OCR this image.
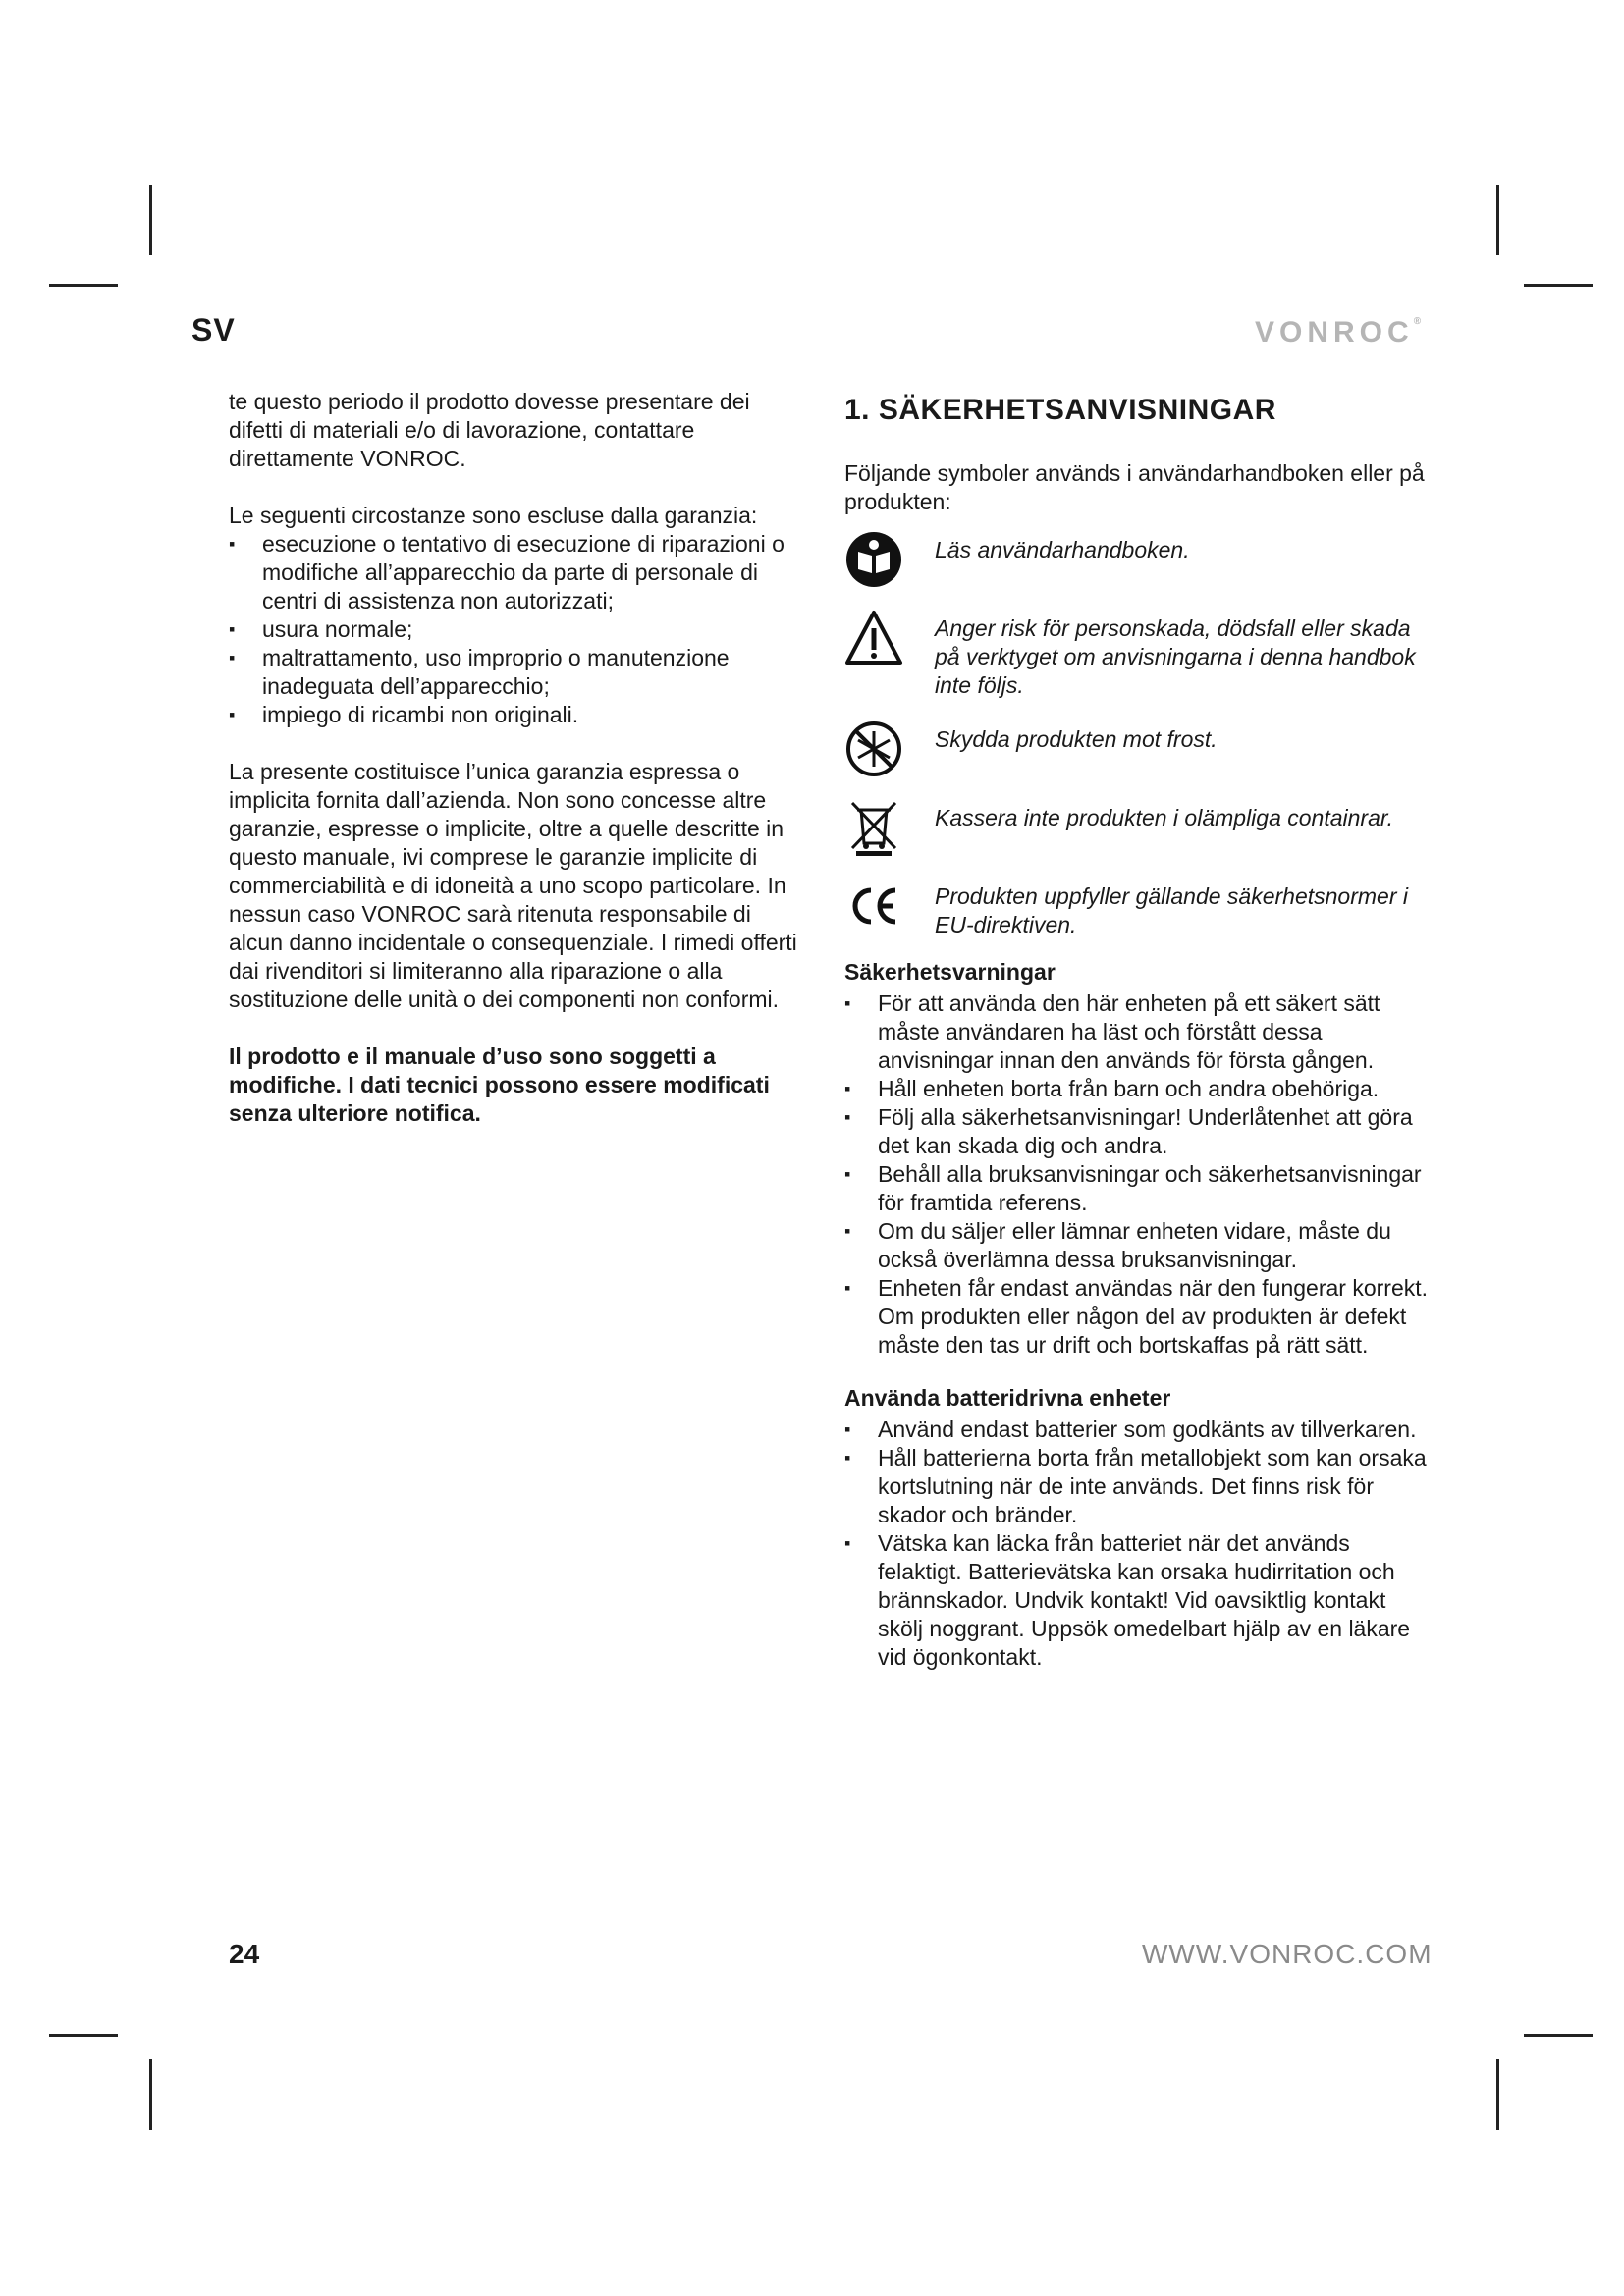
SV	VONROC®

te questo periodo il prodotto dovesse presentare dei difetti di materiali e/o di lavorazione, contattare direttamente VONROC.

Le seguenti circostanze sono escluse dalla garanzia:

▪ esecuzione o tentativo di esecuzione di riparazioni o modifiche all’apparecchio da parte di personale di centri di assistenza non autorizzati;
▪ usura normale;
▪ maltrattamento, uso improprio o manutenzione inadeguata dell’apparecchio;
▪ impiego di ricambi non originali.

La presente costituisce l’unica garanzia espressa o implicita fornita dall’azienda. Non sono concesse altre garanzie, espresse o implicite, oltre a quelle descritte in questo manuale, ivi comprese le garanzie implicite di commerciabilità e di idoneità a uno scopo particolare. In nessun caso VONROC sarà ritenuta responsabile di alcun danno incidentale o consequenziale. I rimedi offerti dai rivenditori si limiteranno alla riparazione o alla sostituzione delle unità o dei componenti non conformi.

Il prodotto e il manuale d’uso sono soggetti a modifiche. I dati tecnici possono essere modificati senza ulteriore notifica.

1. SÄKERHETSANVISNINGAR

Följande symboler används i användarhandboken eller på produkten:

Läs användarhandboken.
Anger risk för personskada, dödsfall eller skada på verktyget om anvisningarna i denna handbok inte följs.
Skydda produkten mot frost.
Kassera inte produkten i olämpliga containrar.
Produkten uppfyller gällande säkerhetsnormer i EU-direktiven.
Säkerhetsvarningar
▪ För att använda den här enheten på ett säkert sätt måste användaren ha läst och förstått dessa anvisningar innan den används för första gången.
▪ Håll enheten borta från barn och andra obehöriga.
▪ Följ alla säkerhetsanvisningar! Underlåtenhet att göra det kan skada dig och andra.
▪ Behåll alla bruksanvisningar och säkerhetsanvisningar för framtida referens.
▪ Om du säljer eller lämnar enheten vidare, måste du också överlämna dessa bruksanvisningar.
▪ Enheten får endast användas när den fungerar korrekt. Om produkten eller någon del av produkten är defekt måste den tas ur drift och bortskaffas på rätt sätt.
Använda batteridrivna enheter
▪ Använd endast batterier som godkänts av tillverkaren.
▪ Håll batterierna borta från metallobjekt som kan orsaka kortslutning när de inte används. Det finns risk för skador och bränder.
▪ Vätska kan läcka från batteriet när det används felaktigt. Batterievätska kan orsaka hudirritation och brännskador. Undvik kontakt! Vid oavsiktlig kontakt skölj noggrant. Uppsök omedelbart hjälp av en läkare vid ögonkontakt.
24	WWW.VONROC.COM
